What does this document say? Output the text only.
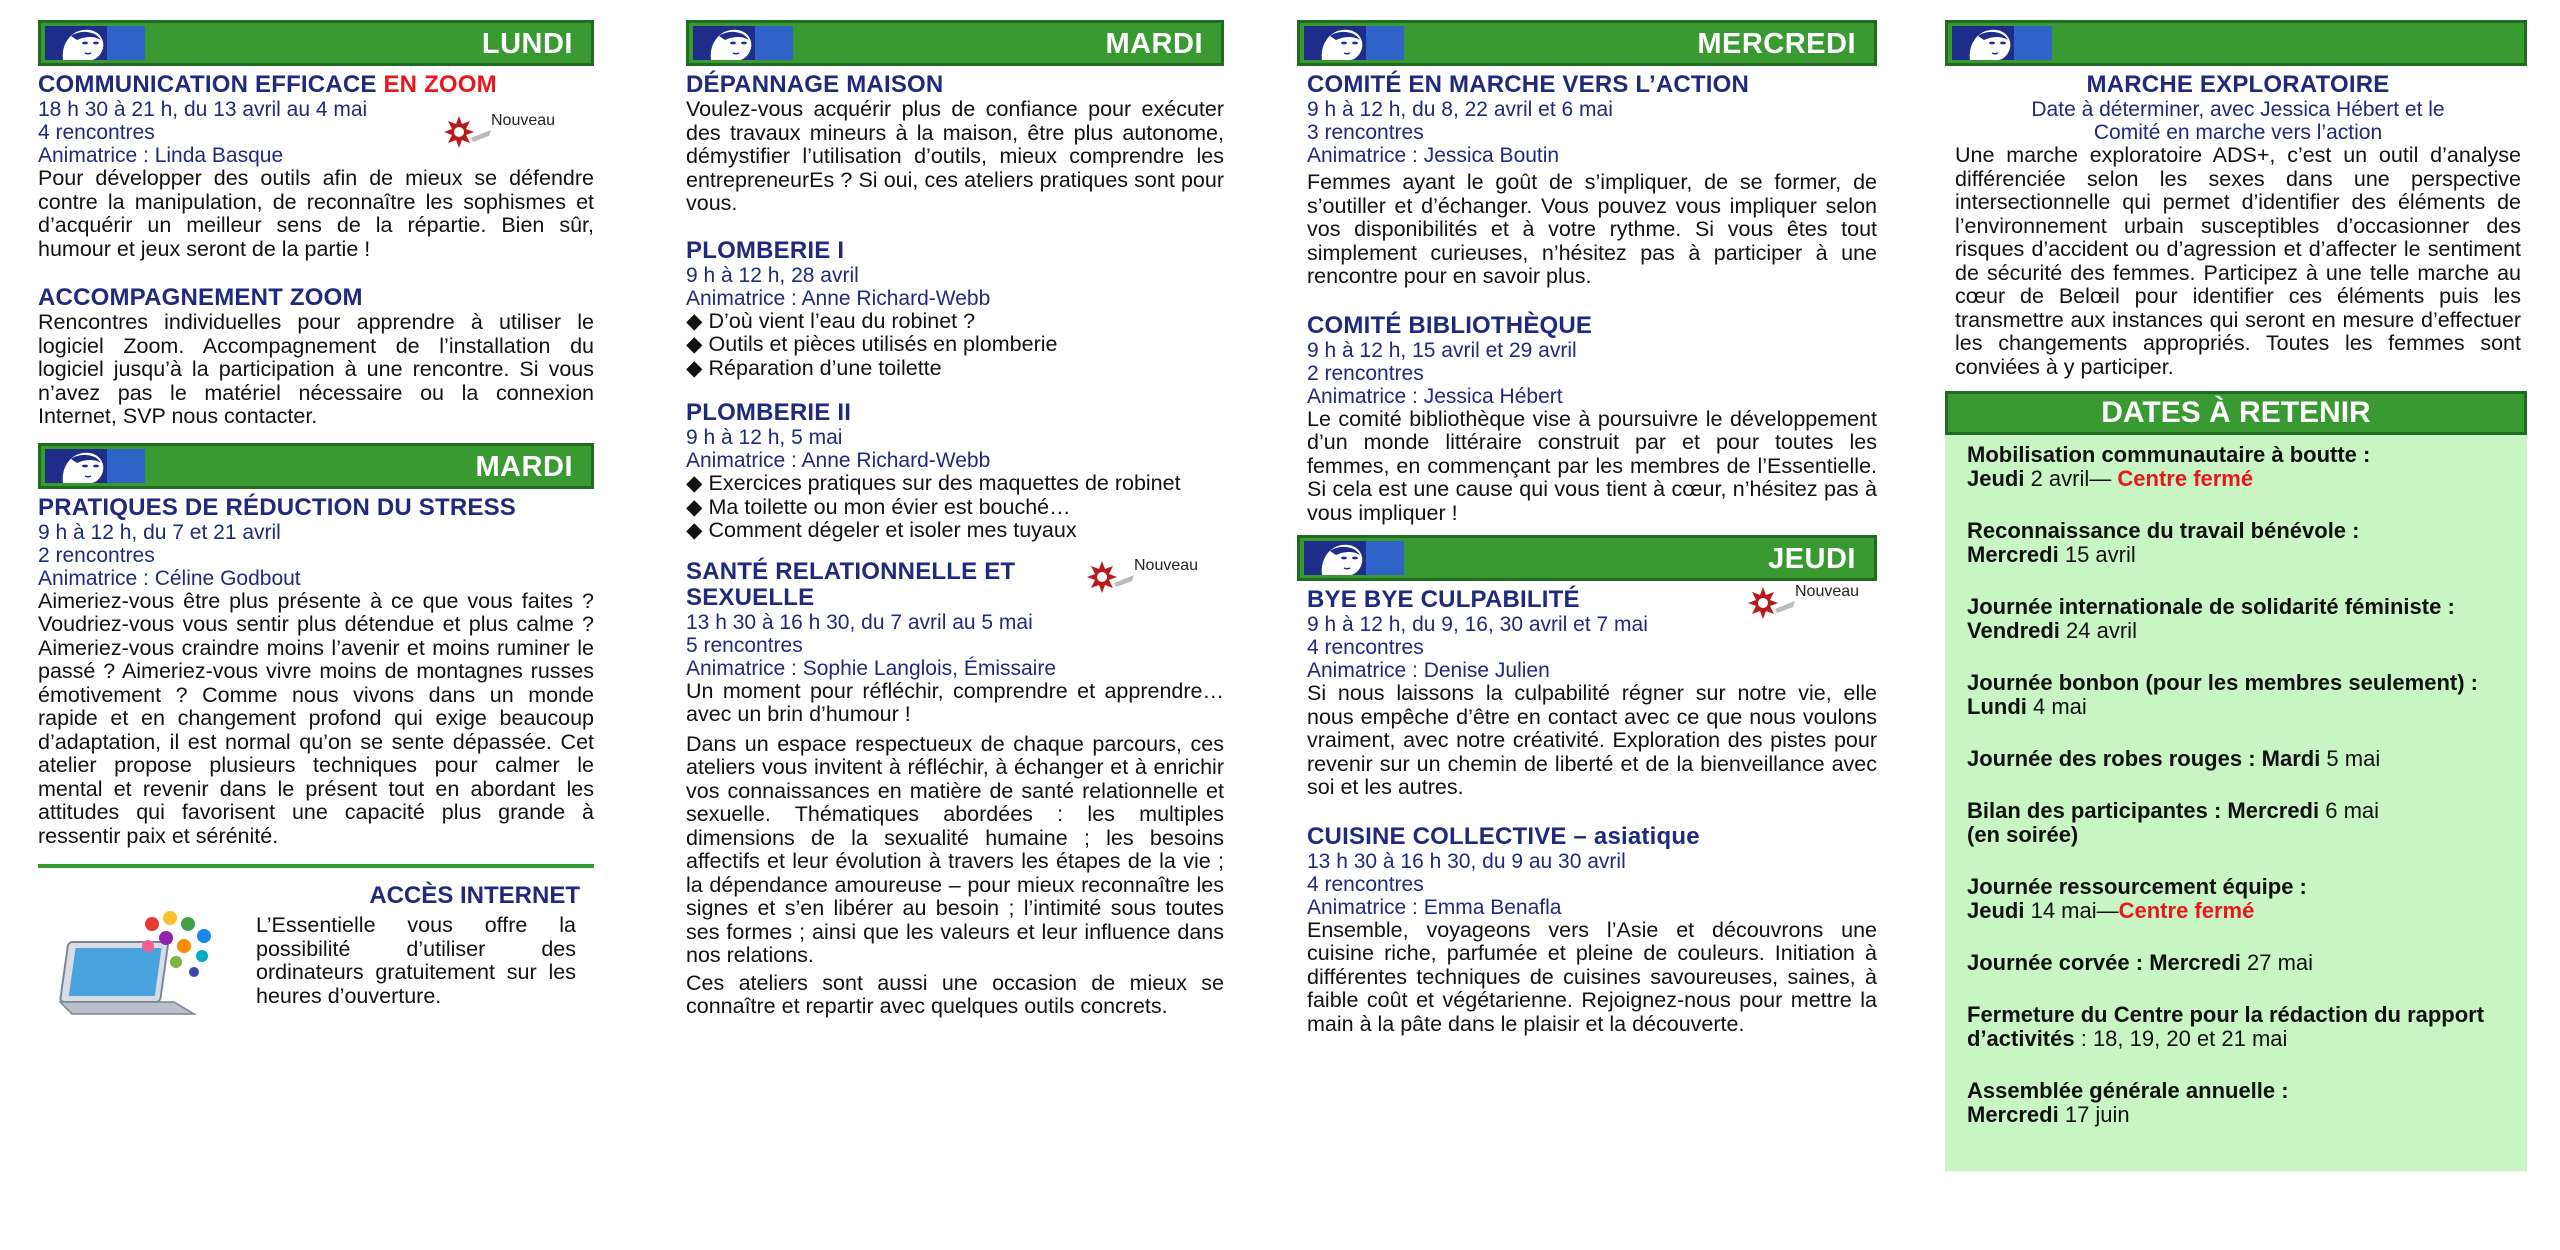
LUNDI
COMMUNICATION EFFICACE EN ZOOM
18 h 30 à 21 h, du 13 avril au 4 mai
4 rencontres
Animatrice : Linda Basque
Nouveau
Pour développer des outils afin de mieux se défendre contre la manipulation, de reconnaître les sophismes et d’acquérir un meilleur sens de la répartie. Bien sûr, humour et jeux seront de la partie !
ACCOMPAGNEMENT ZOOM
Rencontres individuelles pour apprendre à utiliser le logiciel Zoom. Accompagnement de l’installation du logiciel jusqu’à la participation à une rencontre. Si vous n’avez pas le matériel nécessaire ou la connexion Internet, SVP nous contacter.
MARDI
PRATIQUES DE RÉDUCTION DU STRESS
9 h à 12 h, du 7 et 21 avril
2 rencontres
Animatrice : Céline Godbout
Aimeriez-vous être plus présente à ce que vous faites ? Voudriez-vous vous sentir plus détendue et plus calme ? Aimeriez-vous craindre moins l’avenir et moins ruminer le passé ? Aimeriez-vous vivre moins de montagnes russes émotivement ? Comme nous vivons dans un monde rapide et en changement profond qui exige beaucoup d’adaptation, il est normal qu’on se sente dépassée. Cet atelier propose plusieurs techniques pour calmer le mental et revenir dans le présent tout en abordant les attitudes qui favorisent une capacité plus grande à ressentir paix et sérénité.
ACCÈS INTERNET
L’Essentielle vous offre la possibilité d’utiliser des ordinateurs gratuitement sur les heures d’ouverture.
MARDI
DÉPANNAGE MAISON
Voulez-vous acquérir plus de confiance pour exécuter des travaux mineurs à la maison, être plus autonome, démystifier l’utilisation d’outils, mieux comprendre les entrepreneurEs ? Si oui, ces ateliers pratiques sont pour vous.
PLOMBERIE I
9 h à 12 h, 28 avril
Animatrice : Anne Richard-Webb
◆ D’où vient l’eau du robinet ?
◆ Outils et pièces utilisés en plomberie
◆ Réparation d’une toilette
PLOMBERIE II
9 h à 12 h, 5 mai
Animatrice : Anne Richard-Webb
◆ Exercices pratiques sur des maquettes de robinet
◆ Ma toilette ou mon évier est bouché…
◆ Comment dégeler et isoler mes tuyaux
SANTÉ RELATIONNELLE ET SEXUELLE
Nouveau
13 h 30 à 16 h 30, du 7 avril au 5 mai
5 rencontres
Animatrice : Sophie Langlois, Émissaire
Un moment pour réfléchir, comprendre et apprendre… avec un brin d’humour !
Dans un espace respectueux de chaque parcours, ces ateliers vous invitent à réfléchir, à échanger et à enrichir vos connaissances en matière de santé relationnelle et sexuelle. Thématiques abordées : les multiples dimensions de la sexualité humaine ; les besoins affectifs et leur évolution à travers les étapes de la vie ; la dépendance amoureuse – pour mieux reconnaître les signes et s’en libérer au besoin ; l’intimité sous toutes ses formes ; ainsi que les valeurs et leur influence dans nos relations.
Ces ateliers sont aussi une occasion de mieux se connaître et repartir avec quelques outils concrets.
MERCREDI
COMITÉ EN MARCHE VERS L’ACTION
9 h à 12 h, du 8, 22 avril et 6 mai
3 rencontres
Animatrice : Jessica Boutin
Femmes ayant le goût de s’impliquer, de se former, de s’outiller et d’échanger. Vous pouvez vous impliquer selon vos disponibilités et à votre rythme. Si vous êtes tout simplement curieuses, n’hésitez pas à participer à une rencontre pour en savoir plus.
COMITÉ BIBLIOTHÈQUE
9 h à 12 h, 15 avril et 29 avril
2 rencontres
Animatrice : Jessica Hébert
Le comité bibliothèque vise à poursuivre le développement d’un monde littéraire construit par et pour toutes les femmes, en commençant par les membres de l’Essentielle. Si cela est une cause qui vous tient à cœur, n’hésitez pas à vous impliquer !
JEUDI
BYE BYE CULPABILITÉ	Nouveau
9 h à 12 h, du 9, 16, 30 avril et 7 mai
4 rencontres
Animatrice : Denise Julien
Si nous laissons la culpabilité régner sur notre vie, elle nous empêche d’être en contact avec ce que nous voulons vraiment, avec notre créativité. Exploration des pistes pour revenir sur un chemin de liberté et de la bienveillance avec soi et les autres.
CUISINE COLLECTIVE – asiatique
13 h 30 à 16 h 30, du 9 au 30 avril
4 rencontres
Animatrice : Emma Benafla
Ensemble, voyageons vers l’Asie et découvrons une cuisine riche, parfumée et pleine de couleurs. Initiation à différentes techniques de cuisines savoureuses, saines, à faible coût et végétarienne. Rejoignez-nous pour mettre la main à la pâte dans le plaisir et la découverte.
MARCHE EXPLORATOIRE
Date à déterminer, avec Jessica Hébert et le
Comité en marche vers l’action
Une marche exploratoire ADS+, c’est un outil d’analyse différenciée selon les sexes dans une perspective intersectionnelle qui permet d’identifier des éléments de l’environnement urbain susceptibles d’occasionner des risques d’accident ou d’agression et d’affecter le sentiment de sécurité des femmes. Participez à une telle marche au cœur de Belœil pour identifier ces éléments puis les transmettre aux instances qui seront en mesure d’effectuer les changements appropriés. Toutes les femmes sont conviées à y participer.
DATES À RETENIR
Mobilisation communautaire à boutte :
Jeudi 2 avril— Centre fermé
Reconnaissance du travail bénévole :
Mercredi 15 avril
Journée internationale de solidarité féministe : Vendredi 24 avril
Journée bonbon (pour les membres seulement) : Lundi 4 mai
Journée des robes rouges : Mardi 5 mai
Bilan des participantes : Mercredi 6 mai
(en soirée)
Journée ressourcement équipe :
Jeudi 14 mai—Centre fermé
Journée corvée : Mercredi 27 mai
Fermeture du Centre pour la rédaction du rapport d’activités : 18, 19, 20 et 21 mai
Assemblée générale annuelle :
Mercredi 17 juin
